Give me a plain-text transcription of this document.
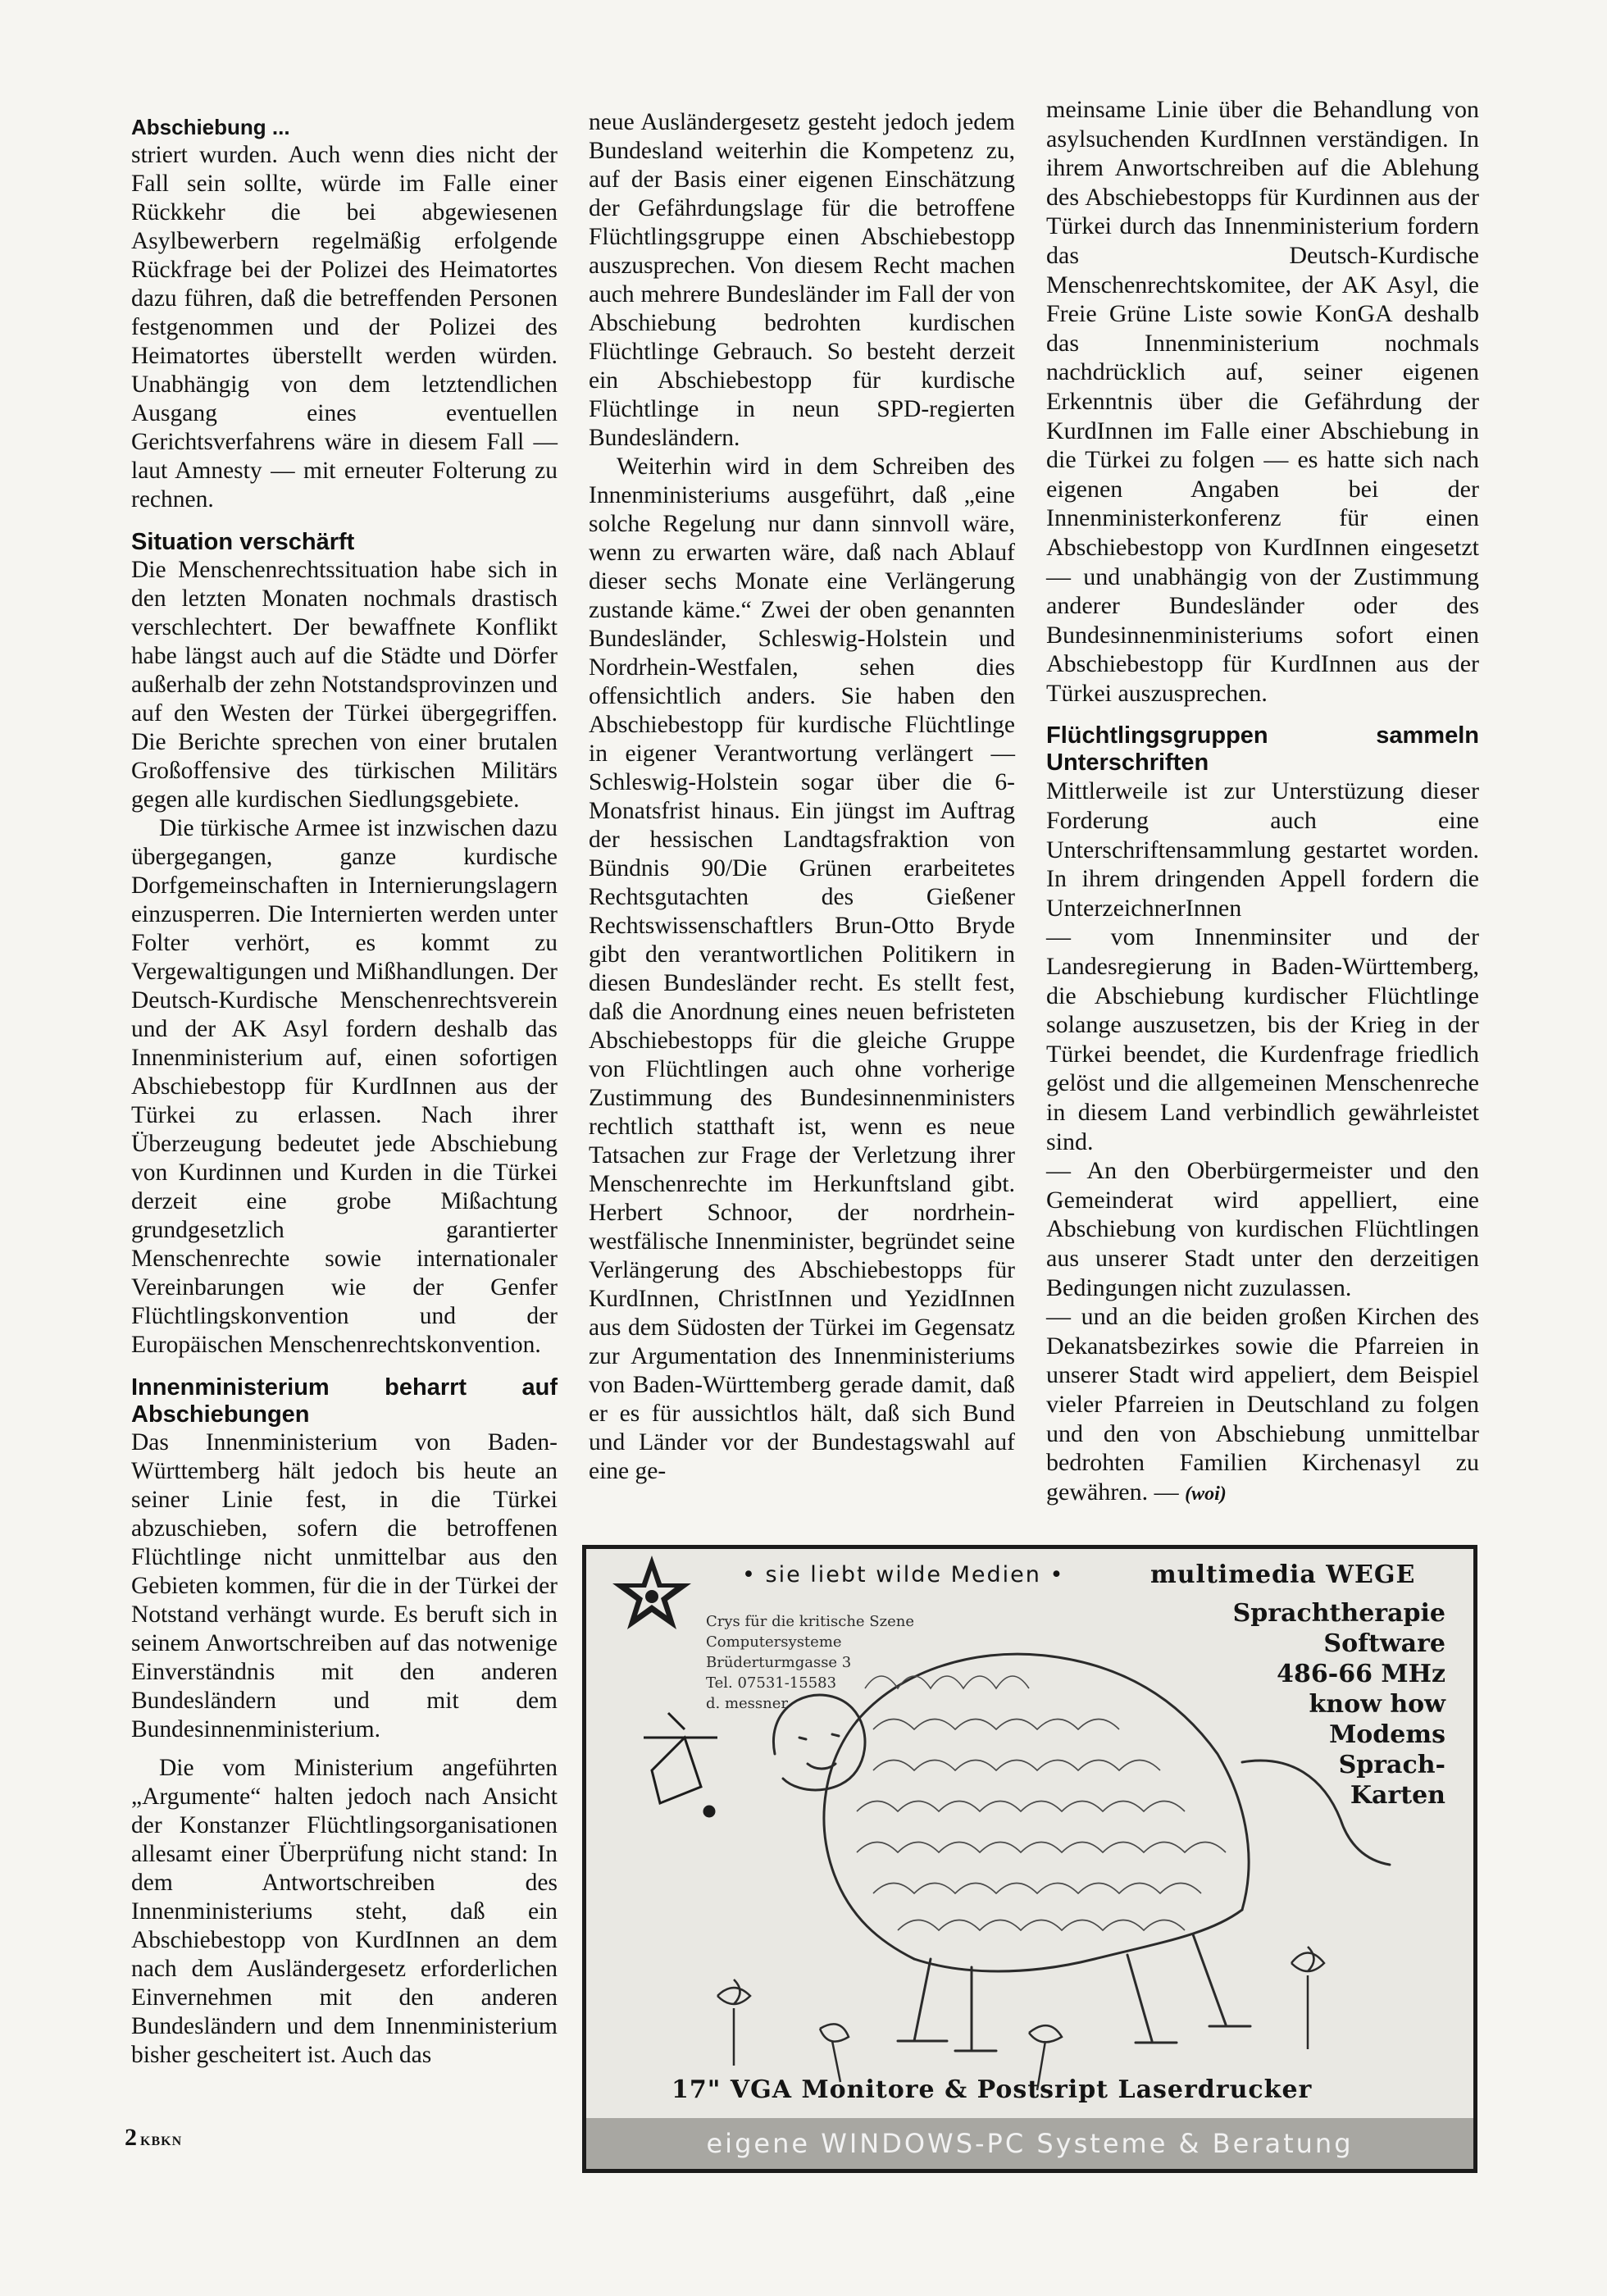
Abschiebung ...

striert wurden. Auch wenn dies nicht der Fall sein sollte, würde im Falle einer Rückkehr die bei abgewiesenen Asylbewerbern regelmäßig erfolgende Rückfrage bei der Polizei des Heimatortes dazu führen, daß die betreffenden Personen festgenommen und der Polizei des Heimatortes überstellt werden würden. Unabhängig von dem letztendlichen Ausgang eines eventuellen Gerichtsverfahrens wäre in diesem Fall — laut Amnesty — mit erneuter Folterung zu rechnen.

Situation verschärft

Die Menschenrechtssituation habe sich in den letzten Monaten nochmals drastisch verschlechtert. Der bewaffnete Konflikt habe längst auch auf die Städte und Dörfer außerhalb der zehn Notstandsprovinzen und auf den Westen der Türkei übergegriffen. Die Berichte sprechen von einer brutalen Großoffensive des türkischen Militärs gegen alle kurdischen Siedlungsgebiete.

Die türkische Armee ist inzwischen dazu übergegangen, ganze kurdische Dorfgemeinschaften in Internierungslagern einzusperren. Die Internierten werden unter Folter verhört, es kommt zu Vergewaltigungen und Mißhandlungen. Der Deutsch-Kurdische Menschenrechtsverein und der AK Asyl fordern deshalb das Innenministerium auf, einen sofortigen Abschiebestopp für KurdInnen aus der Türkei zu erlassen. Nach ihrer Überzeugung bedeutet jede Abschiebung von Kurdinnen und Kurden in die Türkei derzeit eine grobe Mißachtung grundgesetzlich garantierter Menschenrechte sowie internationaler Vereinbarungen wie der Genfer Flüchtlingskonvention und der Europäischen Menschenrechtskonvention.

Innenministerium beharrt auf Abschiebungen

Das Innenministerium von Baden-Württemberg hält jedoch bis heute an seiner Linie fest, in die Türkei abzuschieben, sofern die betroffenen Flüchtlinge nicht unmittelbar aus den Gebieten kommen, für die in der Türkei der Notstand verhängt wurde. Es beruft sich in seinem Anwortschreiben auf das notwenige Einverständnis mit den anderen Bundesländern und mit dem Bundesinnenministerium.

Die vom Ministerium angeführten „Argumente“ halten jedoch nach Ansicht der Konstanzer Flüchtlingsorganisationen allesamt einer Überprüfung nicht stand: In dem Antwortschreiben des Innenministeriums steht, daß ein Abschiebestopp von KurdInnen an dem nach dem Ausländergesetz erforderlichen Einvernehmen mit den anderen Bundesländern und dem Innenministerium bisher gescheitert ist. Auch das

neue Ausländergesetz gesteht jedoch jedem Bundesland weiterhin die Kompetenz zu, auf der Basis einer eigenen Einschätzung der Gefährdungslage für die betroffene Flüchtlingsgruppe einen Abschiebestopp auszusprechen. Von diesem Recht machen auch mehrere Bundesländer im Fall der von Abschiebung bedrohten kurdischen Flüchtlinge Gebrauch. So besteht derzeit ein Abschiebestopp für kurdische Flüchtlinge in neun SPD-regierten Bundesländern.

Weiterhin wird in dem Schreiben des Innenministeriums ausgeführt, daß „eine solche Regelung nur dann sinnvoll wäre, wenn zu erwarten wäre, daß nach Ablauf dieser sechs Monate eine Verlängerung zustande käme.“ Zwei der oben genannten Bundesländer, Schleswig-Holstein und Nordrhein-Westfalen, sehen dies offensichtlich anders. Sie haben den Abschiebestopp für kurdische Flüchtlinge in eigener Verantwortung verlängert — Schleswig-Holstein sogar über die 6-Monatsfrist hinaus. Ein jüngst im Auftrag der hessischen Landtagsfraktion von Bündnis 90/Die Grünen erarbeitetes Rechtsgutachten des Gießener Rechtswissenschaftlers Brun-Otto Bryde gibt den verantwortlichen Politikern in diesen Bundesländer recht. Es stellt fest, daß die Anordnung eines neuen befristeten Abschiebestopps für die gleiche Gruppe von Flüchtlingen auch ohne vorherige Zustimmung des Bundesinnenministers rechtlich statthaft ist, wenn es neue Tatsachen zur Frage der Verletzung ihrer Menschenrechte im Herkunftsland gibt. Herbert Schnoor, der nordrhein-westfälische Innenminister, begründet seine Verlängerung des Abschiebestopps für KurdInnen, ChristInnen und YezidInnen aus dem Südosten der Türkei im Gegensatz zur Argumentation des Innenministeriums von Baden-Württemberg gerade damit, daß er es für aussichtlos hält, daß sich Bund und Länder vor der Bundestagswahl auf eine ge-

meinsame Linie über die Behandlung von asylsuchenden KurdInnen verständigen. In ihrem Anwortschreiben auf die Ablehung des Abschiebestopps für Kurdinnen aus der Türkei durch das Innenministerium fordern das Deutsch-Kurdische Menschenrechtskomitee, der AK Asyl, die Freie Grüne Liste sowie KonGA deshalb das Innenministerium nochmals nachdrücklich auf, seiner eigenen Erkenntnis über die Gefährdung der KurdInnen im Falle einer Abschiebung in die Türkei zu folgen — es hatte sich nach eigenen Angaben bei der Innenministerkonferenz für einen Abschiebestopp von KurdInnen eingesetzt — und unabhängig von der Zustimmung anderer Bundesländer oder des Bundesinnenministeriums sofort einen Abschiebestopp für KurdInnen aus der Türkei auszusprechen.

Flüchtlingsgruppen sammeln Unterschriften

Mittlerweile ist zur Unterstüzung dieser Forderung auch eine Unterschriftensammlung gestartet worden. In ihrem dringenden Appell fordern die UnterzeichnerInnen

— vom Innenminsiter und der Landesregierung in Baden-Württemberg, die Abschiebung kurdischer Flüchtlinge solange auszusetzen, bis der Krieg in der Türkei beendet, die Kurdenfrage friedlich gelöst und die allgemeinen Menschenreche in diesem Land verbindlich gewährleistet sind.

— An den Oberbürgermeister und den Gemeinderat wird appelliert, eine Abschiebung von kurdischen Flüchtlingen aus unserer Stadt unter den derzeitigen Bedingungen nicht zuzulassen.

— und an die beiden großen Kirchen des Dekanatsbezirkes sowie die Pfarreien in unserer Stadt wird appeliert, dem Beispiel vieler Pfarreien in Deutschland zu folgen und den von Abschiebung unmittelbar bedrohten Familien Kirchenasyl zu gewähren. — (woi)

• sie liebt wilde Medien •	multimedia WEGE
Sprachtherapie
Software
486-66 MHz
know how
Modems
Sprach-
Karten
Crys für die kritische Szene
Computersysteme
Brüderturmgasse 3
Tel. 07531-15583
d. messner
17" VGA Monitore & Postsript Laserdrucker
eigene WINDOWS-PC Systeme & Beratung
2 KBKN
